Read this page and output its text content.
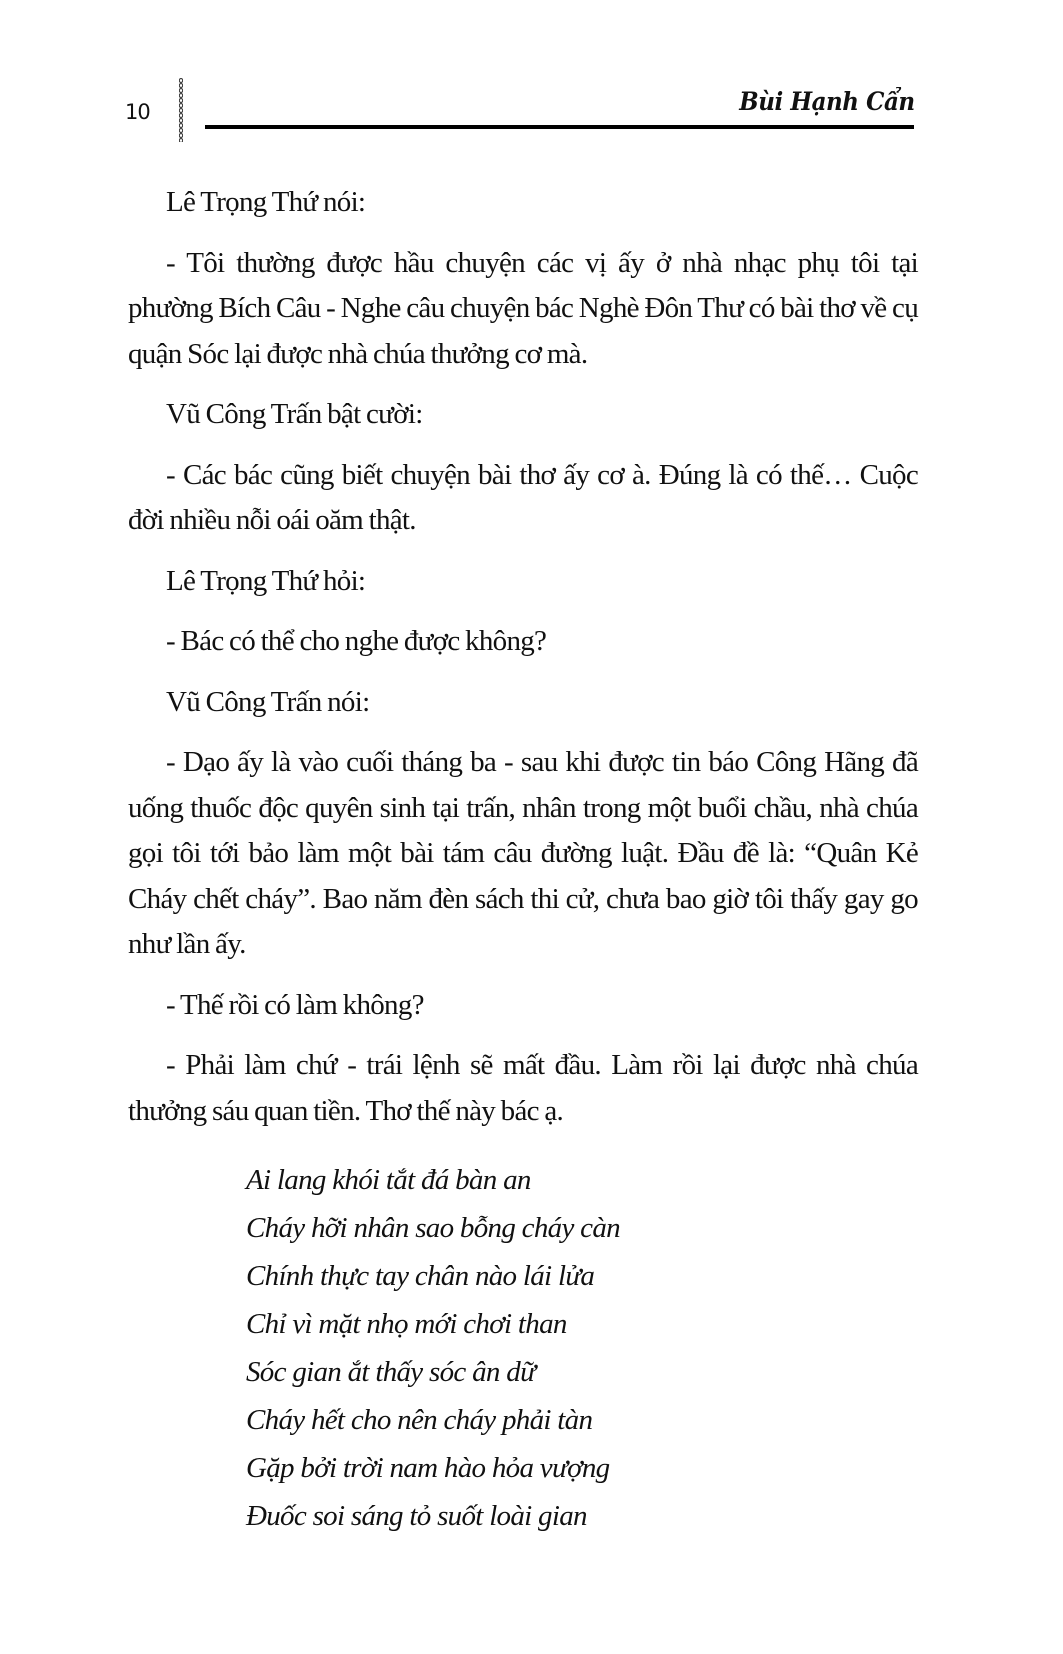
10	Bùi Hạnh Cẩn

Lê Trọng Thứ nói:

- Tôi thường được hầu chuyện các vị ấy ở nhà nhạc phụ tôi tại phường Bích Câu - Nghe câu chuyện bác Nghè Đôn Thư có bài thơ về cụ quận Sóc lại được nhà chúa thưởng cơ mà.

Vũ Công Trấn bật cười:

- Các bác cũng biết chuyện bài thơ ấy cơ à. Đúng là có thế… Cuộc đời nhiều nỗi oái oăm thật.

Lê Trọng Thứ hỏi:

- Bác có thể cho nghe được không?

Vũ Công Trấn nói:

- Dạo ấy là vào cuối tháng ba - sau khi được tin báo Công Hãng đã uống thuốc độc quyên sinh tại trấn, nhân trong một buổi chầu, nhà chúa gọi tôi tới bảo làm một bài tám câu đường luật. Đầu đề là: “Quân Kẻ Cháy chết cháy”. Bao năm đèn sách thi cử, chưa bao giờ tôi thấy gay go như lần ấy.

- Thế rồi có làm không?

- Phải làm chứ - trái lệnh sẽ mất đầu. Làm rồi lại được nhà chúa thưởng sáu quan tiền. Thơ thế này bác ạ.

Ai lang khói tắt đá bàn an
Cháy hỡi nhân sao bỗng cháy càn
Chính thực tay chân nào lái lửa
Chỉ vì mặt nhọ mới chơi than
Sóc gian ắt thấy sóc ân dữ
Cháy hết cho nên cháy phải tàn
Gặp bởi trời nam hào hỏa vượng
Đuốc soi sáng tỏ suốt loài gian
